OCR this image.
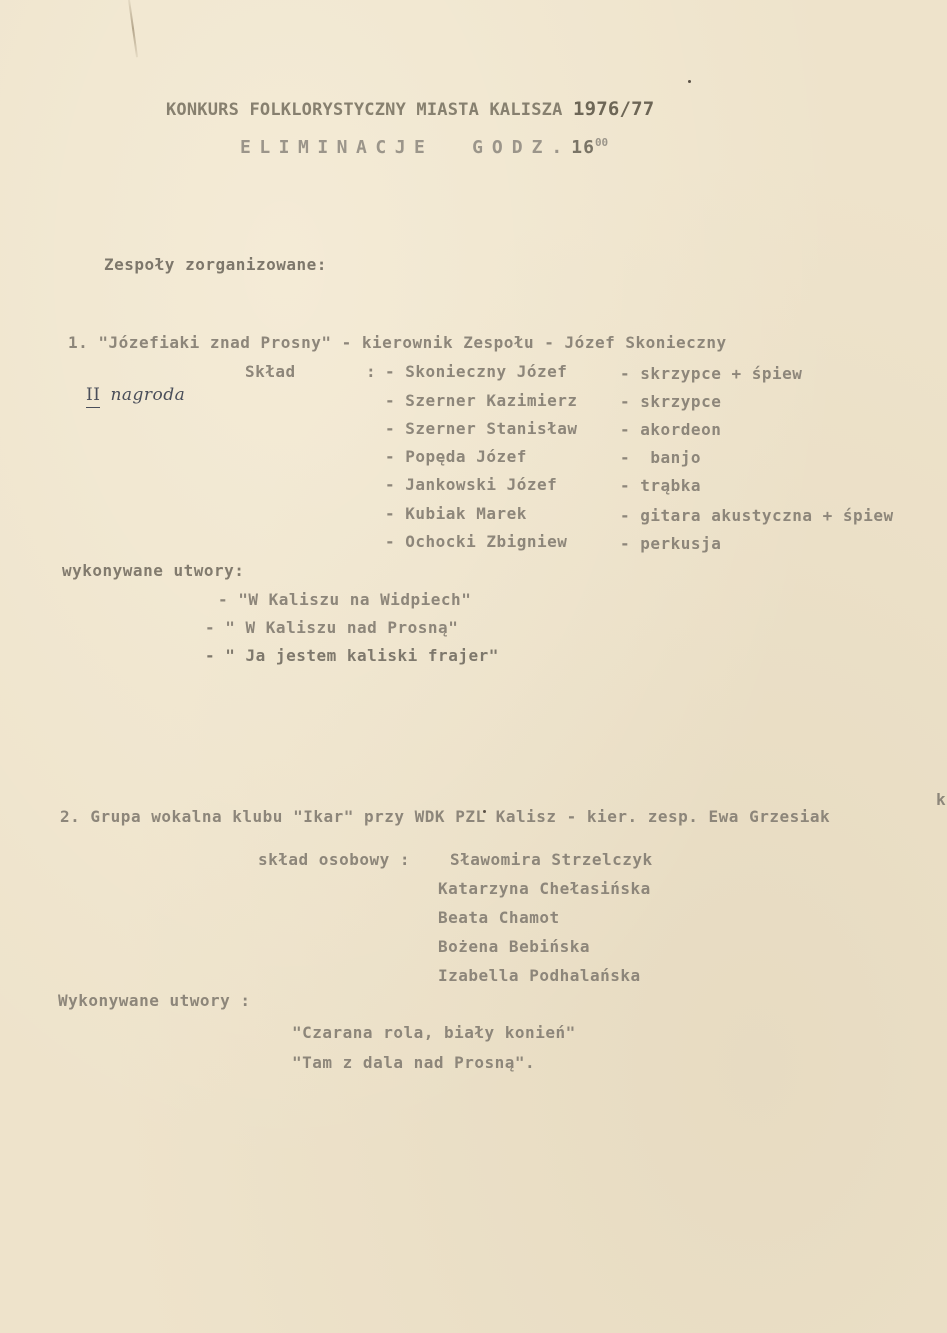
KONKURS FOLKLORYSTYCZNY MIASTA KALISZA 1976/77
ELIMINACJE $GODZ.16^{00}$
Zespoły zorganizowane:
1. "Józefiaki znad Prosny" - kierownik Zespołu - Józef Skonieczny
Skład	:
II nagroda
- Skonieczny Józef	- skrzypce + śpiew
- Szerner Kazimierz	- skrzypce
- Szerner Stanisław	- akordeon
- Popęda Józef	-  banjo
- Jankowski Józef	- trąbka
- Kubiak Marek	- gitara akustyczna + śpiew
- Ochocki Zbigniew	- perkusja
wykonywane utwory:
- "W Kaliszu na Widpiech"
- " W Kaliszu nad Prosną"
- " Ja jestem kaliski frajer"
2. Grupa wokalna klubu "Ikar" przy WDK PZL Kalisz - kier. zesp. Ewa Grzesiak
k
skład osobowy :	Sławomira Strzelczyk
Katarzyna Chełasińska
Beata Chamot
Bożena Bebińska
Izabella Podhalańska
Wykonywane utwory :
"Czarana rola, biały konień"
"Tam z dala nad Prosną".
